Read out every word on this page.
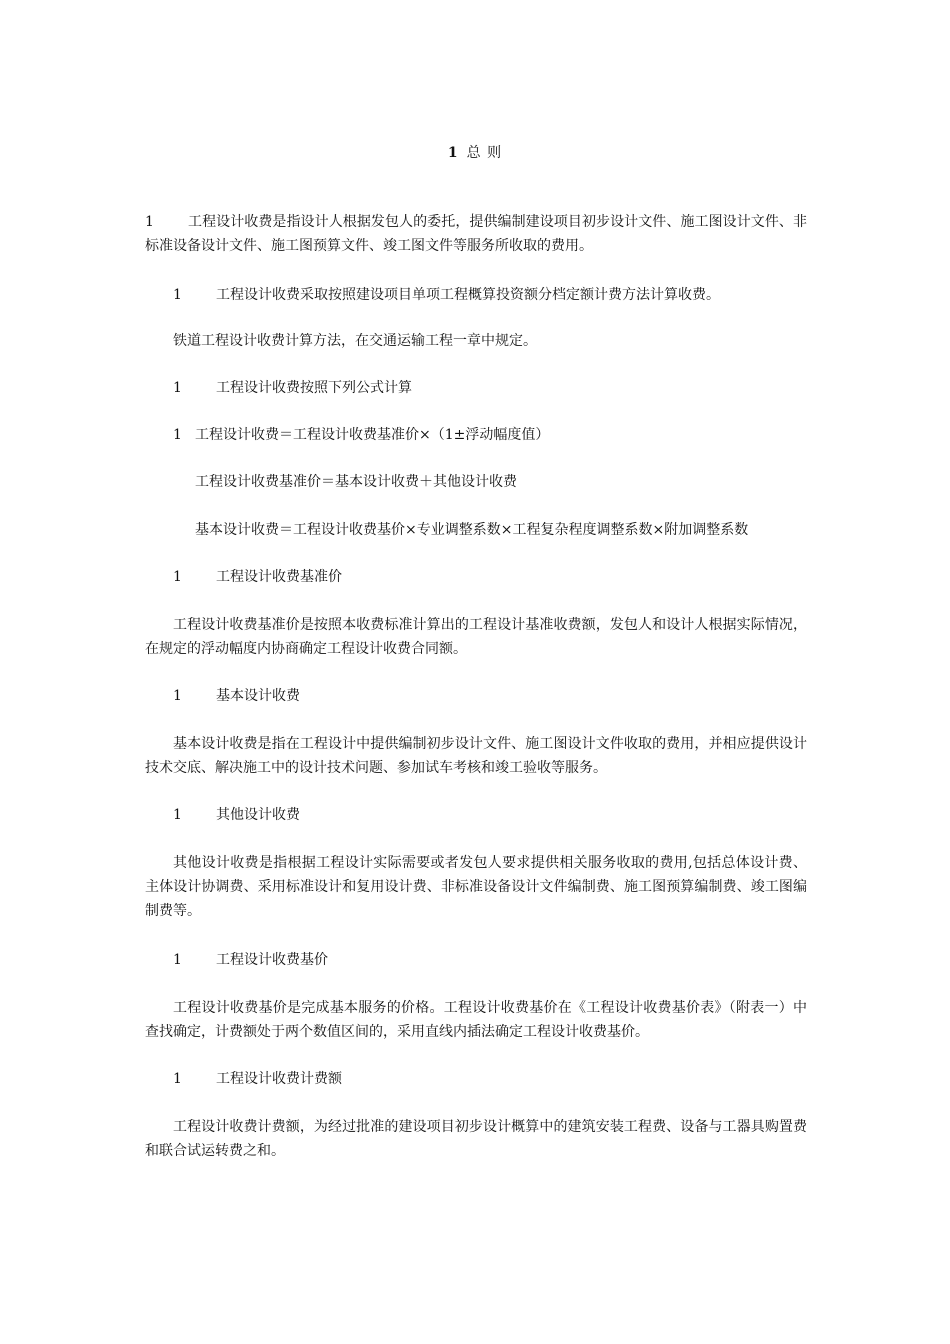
1 总 则
1	工程设计收费是指设计人根据发包人的委托，提供编制建设项目初步设计文件、施工图设计文件、非标准设备设计文件、施工图预算文件、竣工图文件等服务所收取的费用。
1 工程设计收费采取按照建设项目单项工程概算投资额分档定额计费方法计算收费。
铁道工程设计收费计算方法，在交通运输工程一章中规定。
1 工程设计收费按照下列公式计算
1 工程设计收费＝工程设计收费基准价×（1±浮动幅度值）
工程设计收费基准价＝基本设计收费＋其他设计收费
基本设计收费＝工程设计收费基价×专业调整系数×工程复杂程度调整系数×附加调整系数
1 工程设计收费基准价
工程设计收费基准价是按照本收费标准计算出的工程设计基准收费额，发包人和设计人根据实际情况，在规定的浮动幅度内协商确定工程设计收费合同额。
1 基本设计收费
基本设计收费是指在工程设计中提供编制初步设计文件、施工图设计文件收取的费用，并相应提供设计技术交底、解决施工中的设计技术问题、参加试车考核和竣工验收等服务。
1 其他设计收费
其他设计收费是指根据工程设计实际需要或者发包人要求提供相关服务收取的费用,包括总体设计费、主体设计协调费、采用标准设计和复用设计费、非标准设备设计文件编制费、施工图预算编制费、竣工图编制费等。
1 工程设计收费基价
工程设计收费基价是完成基本服务的价格。工程设计收费基价在《工程设计收费基价表》（附表一）中查找确定，计费额处于两个数值区间的，采用直线内插法确定工程设计收费基价。
1 工程设计收费计费额
工程设计收费计费额，为经过批准的建设项目初步设计概算中的建筑安装工程费、设备与工器具购置费和联合试运转费之和。
